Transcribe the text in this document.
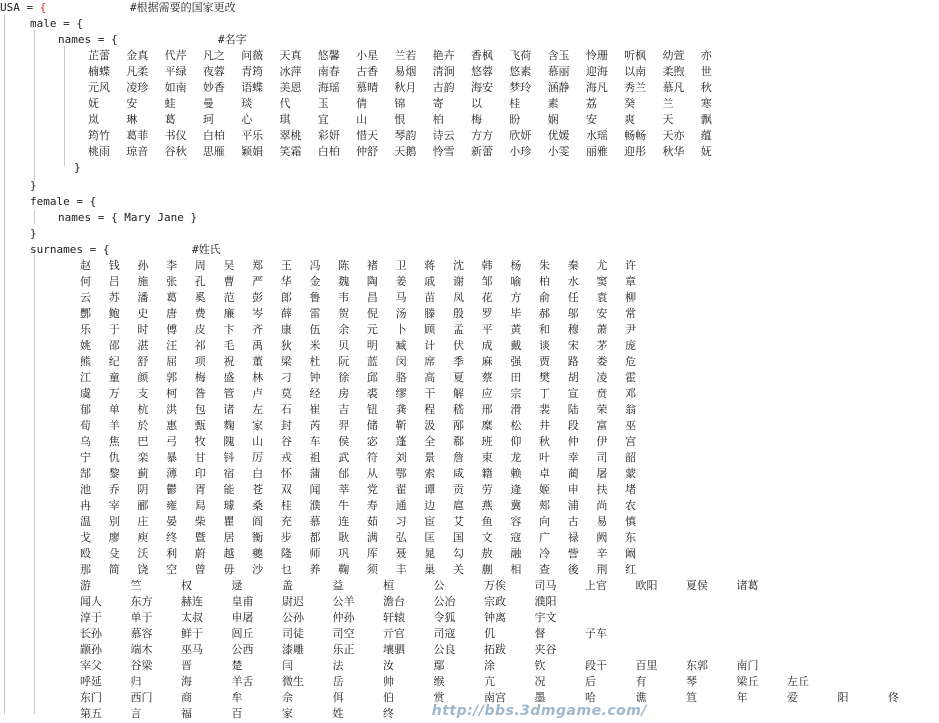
USA = {	#根据需要的国家更改
male = {
names = {	#名字
芷蕾	金真	代芹	凡之	问薇	天真	悠馨	小星	兰若	艳卉	香枫	飞荷	含玉	怜珊	听枫	幼萱	亦
楠蝶	凡柔	平绿	夜蓉	青筠	冰萍	南春	古香	易烟	清涧	悠蓉	悠素	慕丽	迎海	以南	柔煦	世
元风	凌珍	如南	妙香	语蝶	美恩	海瑶	慕晴	秋月	古韵	海安	梦玲	涵静	海凡	秀兰	慕凡	秋
妩	安	蛙	曼	琰	代	玉	倩	锦	寄	以	桂	素	荔	癸	兰	寒
岚	琳	葛	珂	心	琪	宜	山	恨	柏	梅	盼	娴	安	爽	天	飘
筠竹	葛菲	书仪	白柏	平乐	翠桃	彩妍	惜天	琴韵	诗云	方方	欣妍	优媛	水瑶	畅畅	天亦	蕴
桃雨	琼音	谷秋	思雁	颖娟	笑霜	白柏	仲舒	天鹅	怜雪	新蕾	小珍	小雯	丽雅	迎彤	秋华	妩
}
}
female = {
names = { Mary Jane }
}
surnames = {	#姓氏
赵	钱	孙	李	周	吴	郑	王	冯	陈	褚	卫	蒋	沈	韩	杨	朱	秦	尤	许
何	吕	施	张	孔	曹	严	华	金	魏	陶	姜	戚	谢	邹	喻	柏	水	窦	章
云	苏	潘	葛	奚	范	彭	郎	鲁	韦	昌	马	苗	凤	花	方	俞	任	袁	柳
酆	鲍	史	唐	费	廉	岑	薛	雷	贺	倪	汤	滕	殷	罗	毕	郝	邬	安	常
乐	于	时	傅	皮	卞	齐	康	伍	余	元	卜	顾	孟	平	黄	和	穆	萧	尹
姚	邵	湛	汪	祁	毛	禹	狄	米	贝	明	臧	计	伏	成	戴	谈	宋	茅	庞
熊	纪	舒	屈	项	祝	董	梁	杜	阮	蓝	闵	席	季	麻	强	贾	路	娄	危
江	童	颜	郭	梅	盛	林	刁	钟	徐	邱	骆	高	夏	蔡	田	樊	胡	凌	霍
虞	万	支	柯	昝	管	卢	莫	经	房	裘	缪	干	解	应	宗	丁	宣	贲	邓
郁	单	杭	洪	包	诸	左	石	崔	吉	钮	龚	程	嵇	邢	滑	裴	陆	荣	翁
荀	羊	於	惠	甄	麴	家	封	芮	羿	储	靳	汲	邴	糜	松	井	段	富	巫
乌	焦	巴	弓	牧	隗	山	谷	车	侯	宓	蓬	全	郗	班	仰	秋	仲	伊	宫
宁	仇	栾	暴	甘	钭	厉	戎	祖	武	符	刘	景	詹	束	龙	叶	幸	司	韶
郜	黎	蓟	薄	印	宿	白	怀	蒲	邰	从	鄂	索	咸	籍	赖	卓	蔺	屠	蒙
池	乔	阴	鬱	胥	能	苍	双	闻	莘	党	翟	谭	贡	劳	逄	姬	申	扶	堵
冉	宰	郦	雍	舄	璩	桑	桂	濮	牛	寿	通	边	扈	燕	冀	郏	浦	尚	农
温	别	庄	晏	柴	瞿	阎	充	慕	连	茹	习	宦	艾	鱼	容	向	古	易	慎
戈	廖	庾	终	暨	居	衡	步	都	耿	满	弘	匡	国	文	寇	广	禄	阙	东
殴	殳	沃	利	蔚	越	夔	隆	师	巩	厍	聂	晁	勾	敖	融	冷	訾	辛	阚
那	简	饶	空	曾	毋	沙	乜	养	鞠	须	丰	巢	关	蒯	相	查	後	荆	红
游	竺	权	逯	盖	益	桓	公	万俟	司马	上官	欧阳	夏侯	诸葛
闻人	东方	赫连	皇甫	尉迟	公羊	澹台	公冶	宗政	濮阳
淳于	单于	太叔	申屠	公孙	仲孙	轩辕	令狐	钟离	宇文
长孙	慕容	鲜于	闾丘	司徒	司空	亓官	司寇	仉	督	子车
颛孙	端木	巫马	公西	漆雕	乐正	壤驷	公良	拓跋	夹谷
宰父	谷梁	晋	楚	闫	法	汝	鄢	涂	钦	段干	百里	东郭	南门
呼延	归	海	羊舌	微生	岳	帅	缑	亢	况	后	有	琴	梁丘	左丘
东门	西门	商	牟	佘	佴	伯	赏	南宫	墨	哈	谯	笪	年	爱	阳	佟
第五	言	福	百	家	姓	终	http://bbs.3dmgame.com/
